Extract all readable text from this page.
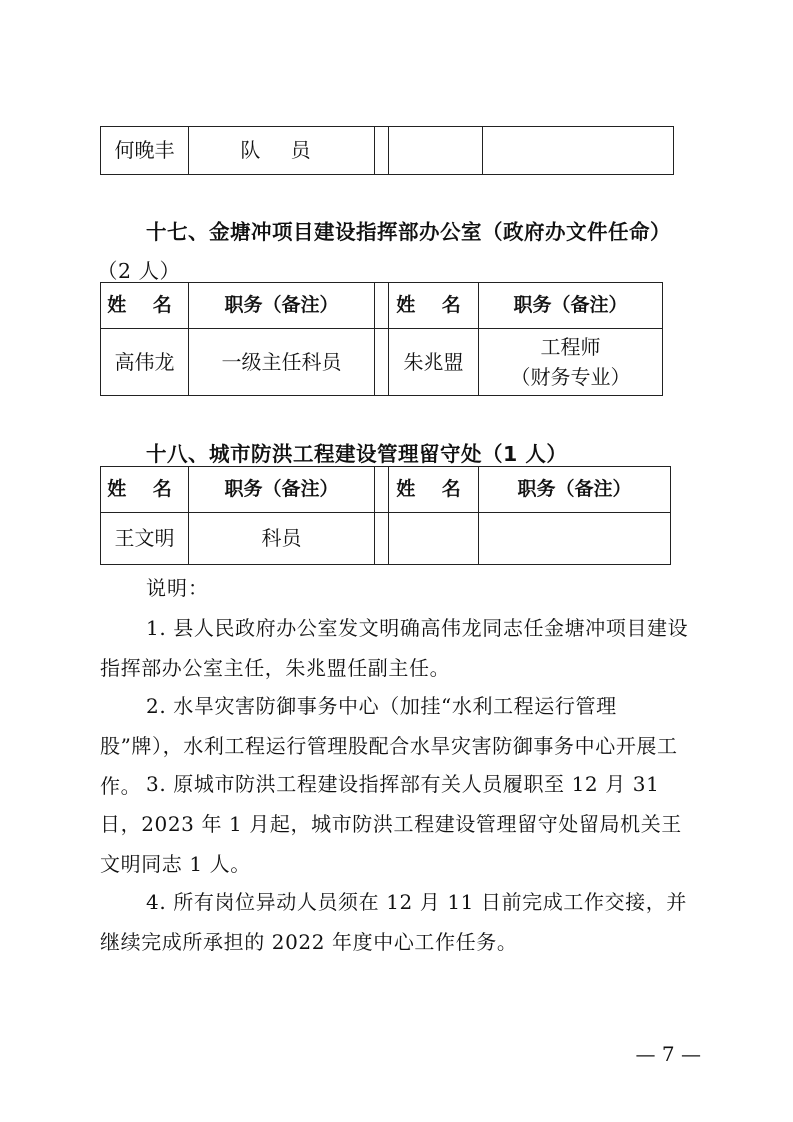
何晚丰	队 员			
十七、金塘冲项目建设指挥部办公室（政府办文件任命）
（2 人）
姓 名	职务（备注）		姓 名	职务（备注）
高伟龙	一级主任科员		朱兆盟	工程师
（财务专业）
十八、城市防洪工程建设管理留守处（1 人）
姓 名	职务（备注）		姓 名	职务（备注）
王文明	科员			
说明：
1. 县人民政府办公室发文明确高伟龙同志任金塘冲项目建设指挥部办公室主任，朱兆盟任副主任。
2. 水旱灾害防御事务中心（加挂“水利工程运行管理股”牌），水利工程运行管理股配合水旱灾害防御事务中心开展工作。 3. 原城市防洪工程建设指挥部有关人员履职至 12 月 31 日，2023 年 1 月起，城市防洪工程建设管理留守处留局机关王文明同志 1 人。
4. 所有岗位异动人员须在 12 月 11 日前完成工作交接，并继续完成所承担的 2022 年度中心工作任务。
— 7 —
